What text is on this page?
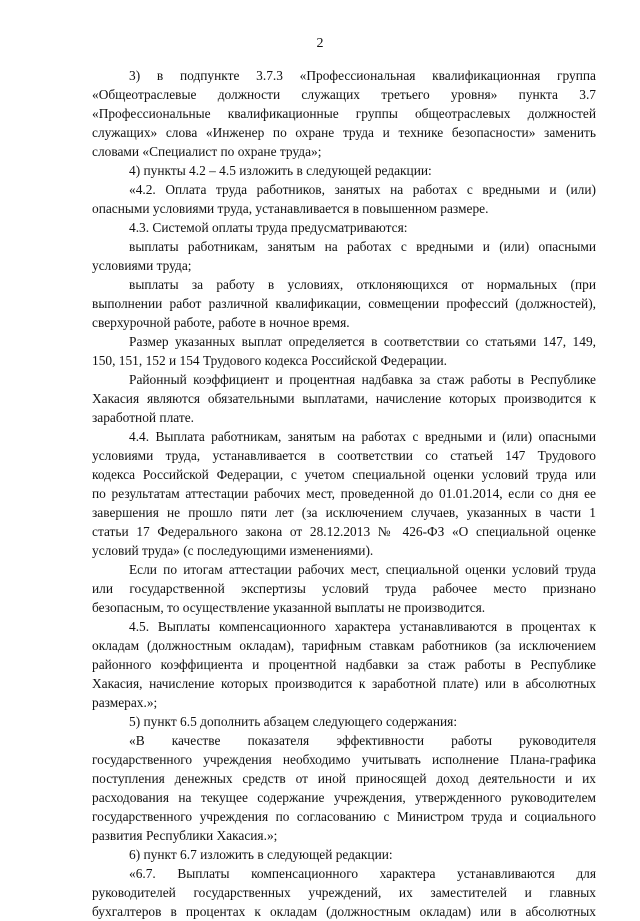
2
3) в подпункте 3.7.3 «Профессиональная квалификационная группа
«Общеотраслевые должности служащих третьего уровня» пункта 3.7
«Профессиональные квалификационные группы общеотраслевых должностей
служащих» слова «Инженер по охране труда и технике безопасности» заменить
словами «Специалист по охране труда»;
4) пункты 4.2 – 4.5 изложить в следующей редакции:
«4.2. Оплата труда работников, занятых на работах с вредными и (или)
опасными условиями труда, устанавливается в повышенном размере.
4.3. Системой оплаты труда предусматриваются:
выплаты работникам, занятым на работах с вредными и (или) опасными
условиями труда;
выплаты за работу в условиях, отклоняющихся от нормальных (при
выполнении работ различной квалификации, совмещении профессий (должностей),
сверхурочной работе, работе в ночное время.
Размер указанных выплат определяется в соответствии со статьями 147, 149,
150, 151, 152 и 154 Трудового кодекса Российской Федерации.
Районный коэффициент и процентная надбавка за стаж работы в Республике
Хакасия являются обязательными выплатами, начисление которых производится к
заработной плате.
4.4. Выплата работникам, занятым на работах с вредными и (или) опасными
условиями труда, устанавливается в соответствии со статьей 147 Трудового
кодекса Российской Федерации, с учетом специальной оценки условий труда или
по результатам аттестации рабочих мест, проведенной до 01.01.2014, если со дня ее
завершения не прошло пяти лет (за исключением случаев, указанных в части 1
статьи 17 Федерального закона от 28.12.2013 № 426-ФЗ «О специальной оценке
условий труда» (с последующими изменениями).
Если по итогам аттестации рабочих мест, специальной оценки условий труда
или государственной экспертизы условий труда рабочее место признано
безопасным, то осуществление указанной выплаты не производится.
4.5. Выплаты компенсационного характера устанавливаются в процентах к
окладам (должностным окладам), тарифным ставкам работников (за исключением
районного коэффициента и процентной надбавки за стаж работы в Республике
Хакасия, начисление которых производится к заработной плате) или в абсолютных
размерах.»;
5) пункт 6.5 дополнить абзацем следующего содержания:
«В качестве показателя эффективности работы руководителя
государственного учреждения необходимо учитывать исполнение Плана-графика
поступления денежных средств от иной приносящей доход деятельности и их
расходования на текущее содержание учреждения, утвержденного руководителем
государственного учреждения по согласованию с Министром труда и социального
развития Республики Хакасия.»;
6) пункт 6.7 изложить в следующей редакции:
«6.7. Выплаты компенсационного характера устанавливаются для
руководителей государственных учреждений, их заместителей и главных
бухгалтеров в процентах к окладам (должностным окладам) или в абсолютных
